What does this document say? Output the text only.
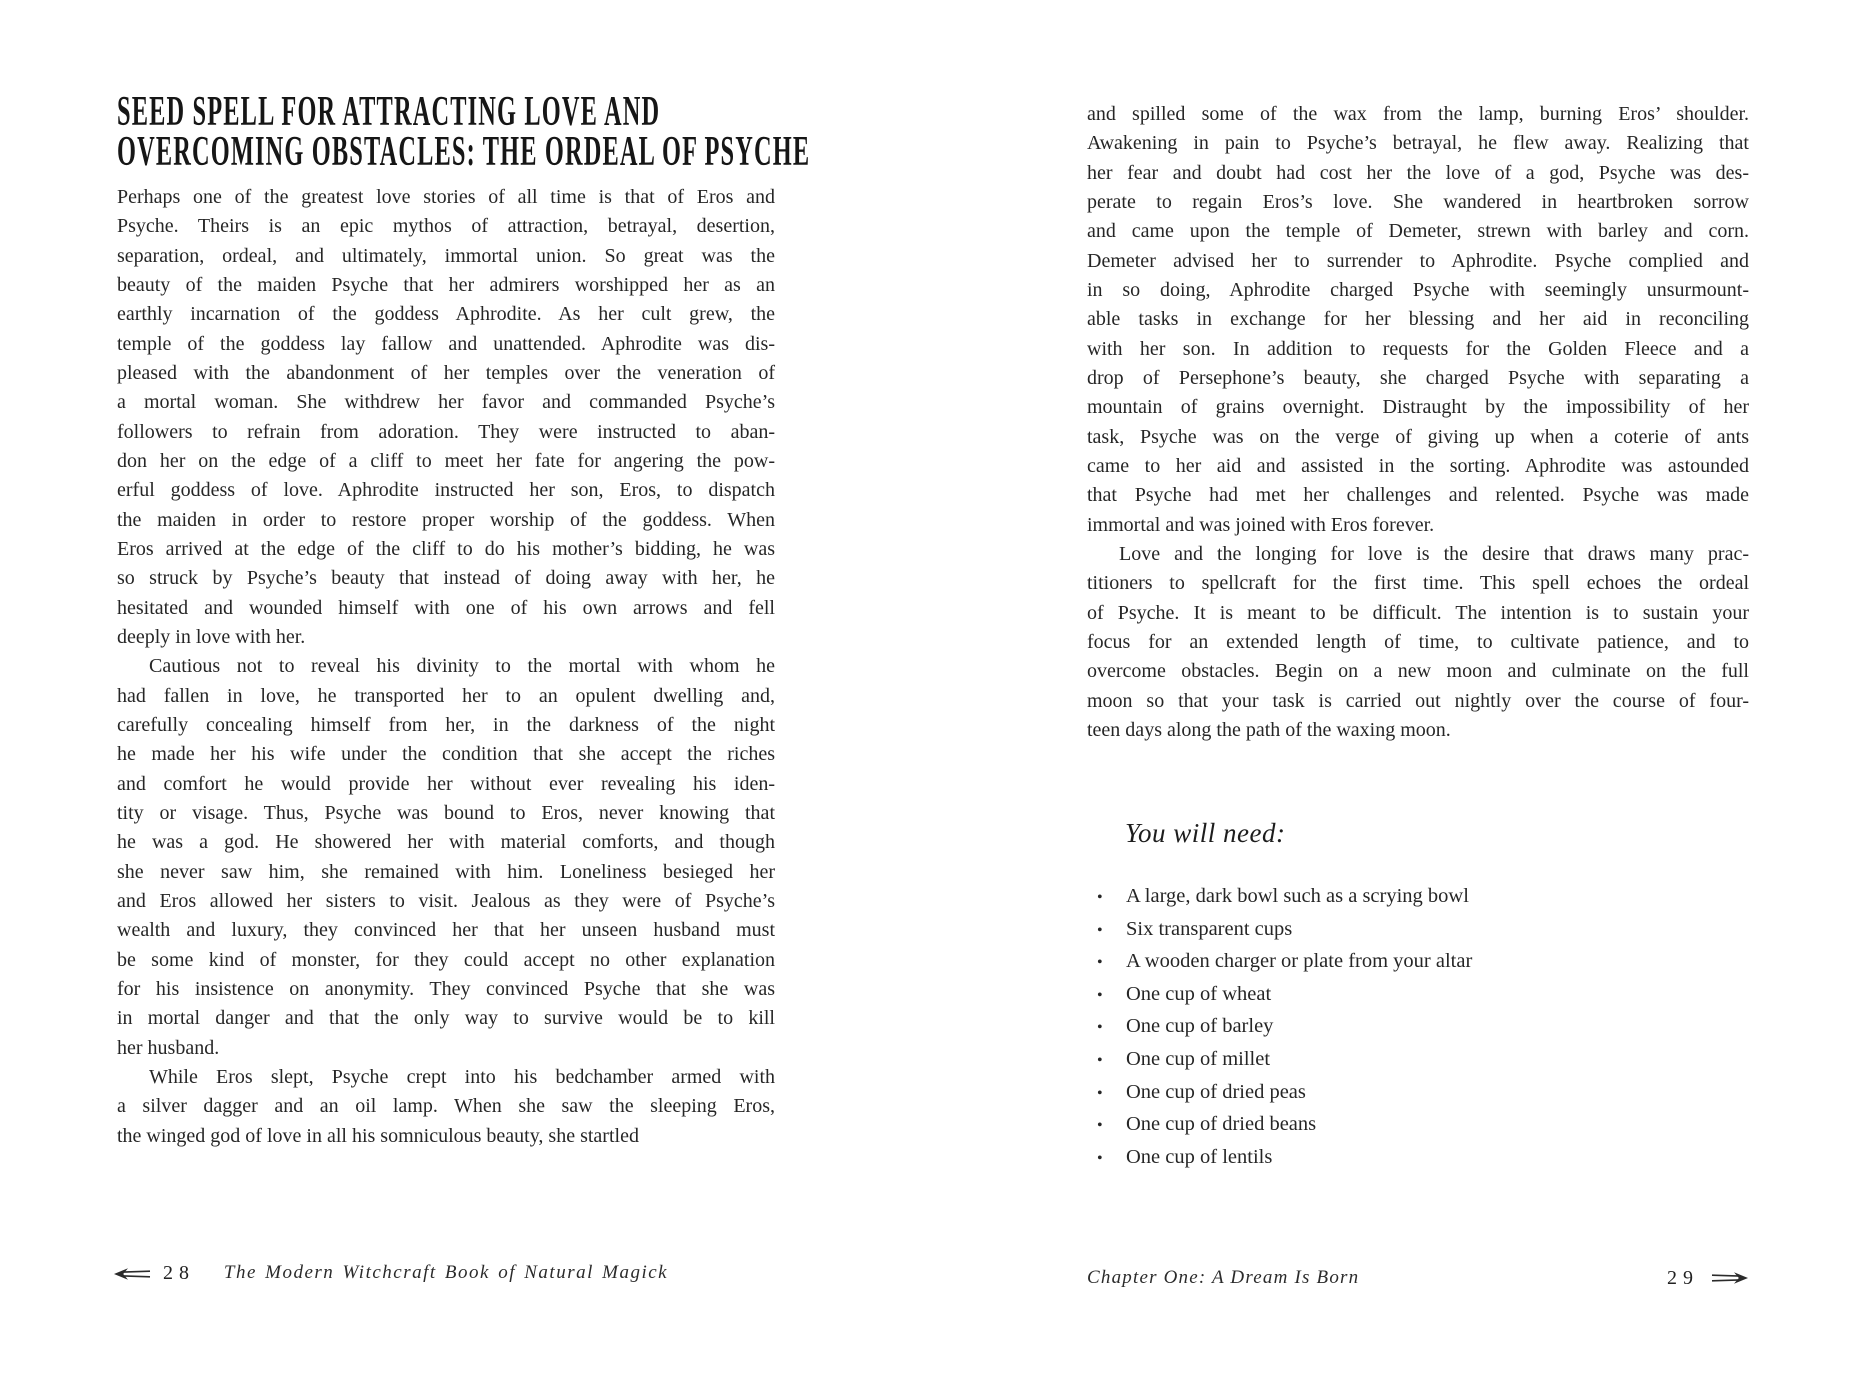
SEED SPELL FOR ATTRACTING LOVE AND
OVERCOMING OBSTACLES: THE ORDEAL OF PSYCHE
Perhaps one of the greatest love stories of all time is that of Eros and
Psyche. Theirs is an epic mythos of attraction, betrayal, desertion,
separation, ordeal, and ultimately, immortal union. So great was the
beauty of the maiden Psyche that her admirers worshipped her as an
earthly incarnation of the goddess Aphrodite. As her cult grew, the
temple of the goddess lay fallow and unattended. Aphrodite was dis-
pleased with the abandonment of her temples over the veneration of
a mortal woman. She withdrew her favor and commanded Psyche’s
followers to refrain from adoration. They were instructed to aban-
don her on the edge of a cliff to meet her fate for angering the pow-
erful goddess of love. Aphrodite instructed her son, Eros, to dispatch
the maiden in order to restore proper worship of the goddess. When
Eros arrived at the edge of the cliff to do his mother’s bidding, he was
so struck by Psyche’s beauty that instead of doing away with her, he
hesitated and wounded himself with one of his own arrows and fell
deeply in love with her.
Cautious not to reveal his divinity to the mortal with whom he
had fallen in love, he transported her to an opulent dwelling and,
carefully concealing himself from her, in the darkness of the night
he made her his wife under the condition that she accept the riches
and comfort he would provide her without ever revealing his iden-
tity or visage. Thus, Psyche was bound to Eros, never knowing that
he was a god. He showered her with material comforts, and though
she never saw him, she remained with him. Loneliness besieged her
and Eros allowed her sisters to visit. Jealous as they were of Psyche’s
wealth and luxury, they convinced her that her unseen husband must
be some kind of monster, for they could accept no other explanation
for his insistence on anonymity. They convinced Psyche that she was
in mortal danger and that the only way to survive would be to kill
her husband.
While Eros slept, Psyche crept into his bedchamber armed with
a silver dagger and an oil lamp. When she saw the sleeping Eros,
the winged god of love in all his somniculous beauty, she startled
28	The Modern Witchcraft Book of Natural Magick
and spilled some of the wax from the lamp, burning Eros’ shoulder.
Awakening in pain to Psyche’s betrayal, he flew away. Realizing that
her fear and doubt had cost her the love of a god, Psyche was des-
perate to regain Eros’s love. She wandered in heartbroken sorrow
and came upon the temple of Demeter, strewn with barley and corn.
Demeter advised her to surrender to Aphrodite. Psyche complied and
in so doing, Aphrodite charged Psyche with seemingly unsurmount-
able tasks in exchange for her blessing and her aid in reconciling
with her son. In addition to requests for the Golden Fleece and a
drop of Persephone’s beauty, she charged Psyche with separating a
mountain of grains overnight. Distraught by the impossibility of her
task, Psyche was on the verge of giving up when a coterie of ants
came to her aid and assisted in the sorting. Aphrodite was astounded
that Psyche had met her challenges and relented. Psyche was made
immortal and was joined with Eros forever.
Love and the longing for love is the desire that draws many prac-
titioners to spellcraft for the first time. This spell echoes the ordeal
of Psyche. It is meant to be difficult. The intention is to sustain your
focus for an extended length of time, to cultivate patience, and to
overcome obstacles. Begin on a new moon and culminate on the full
moon so that your task is carried out nightly over the course of four-
teen days along the path of the waxing moon.
You will need:
•	A large, dark bowl such as a scrying bowl
•	Six transparent cups
•	A wooden charger or plate from your altar
•	One cup of wheat
•	One cup of barley
•	One cup of millet
•	One cup of dried peas
•	One cup of dried beans
•	One cup of lentils
Chapter One: A Dream Is Born	29
